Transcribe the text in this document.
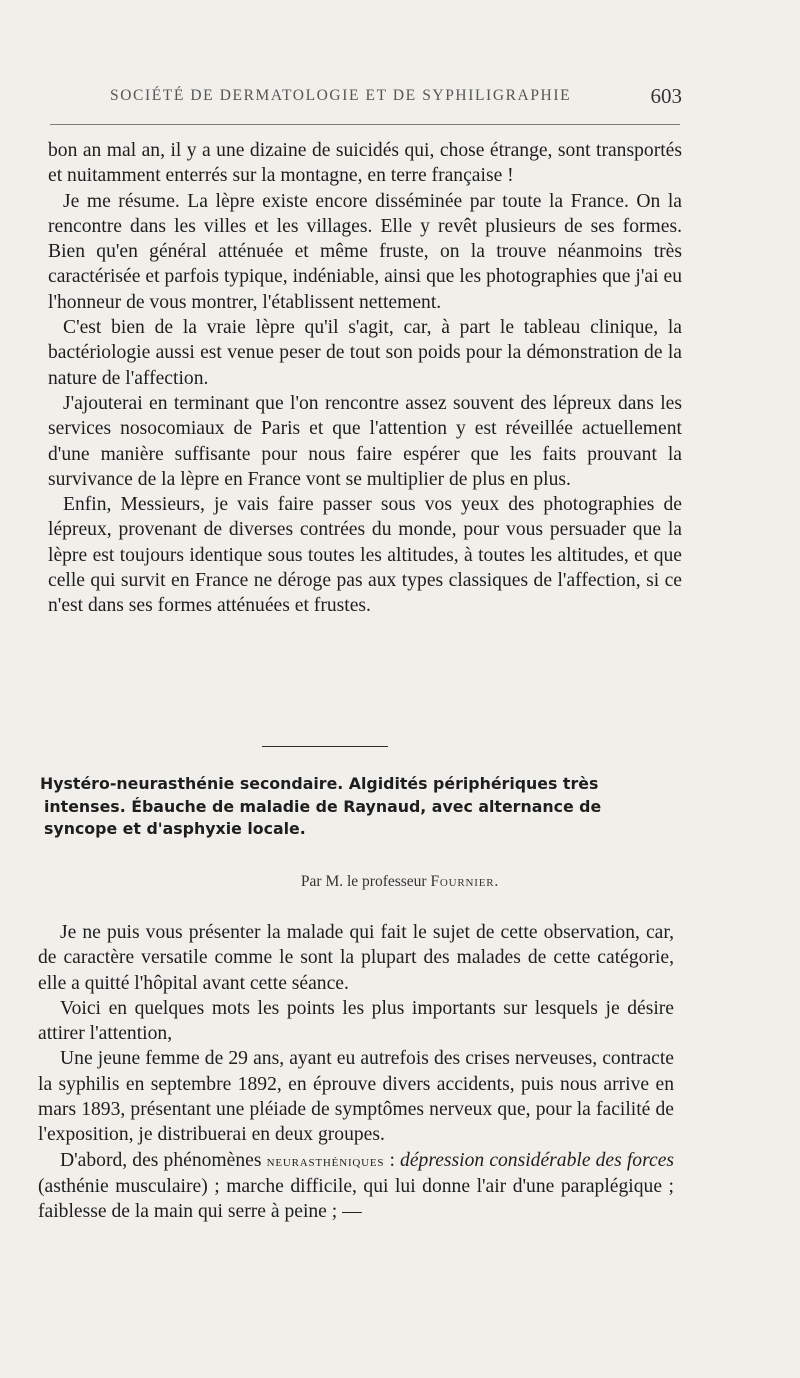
SOCIÉTÉ DE DERMATOLOGIE ET DE SYPHILIGRAPHIE	603

bon an mal an, il y a une dizaine de suicidés qui, chose étrange, sont transportés et nuitamment enterrés sur la montagne, en terre française !

Je me résume. La lèpre existe encore disséminée par toute la France. On la rencontre dans les villes et les villages. Elle y revêt plusieurs de ses formes. Bien qu'en général atténuée et même fruste, on la trouve néanmoins très caractérisée et parfois typique, indéniable, ainsi que les photographies que j'ai eu l'honneur de vous montrer, l'établissent nettement.

C'est bien de la vraie lèpre qu'il s'agit, car, à part le tableau clinique, la bactériologie aussi est venue peser de tout son poids pour la démonstration de la nature de l'affection.

J'ajouterai en terminant que l'on rencontre assez souvent des lépreux dans les services nosocomiaux de Paris et que l'attention y est réveillée actuellement d'une manière suffisante pour nous faire espérer que les faits prouvant la survivance de la lèpre en France vont se multiplier de plus en plus.

Enfin, Messieurs, je vais faire passer sous vos yeux des photographies de lépreux, provenant de diverses contrées du monde, pour vous persuader que la lèpre est toujours identique sous toutes les altitudes, à toutes les altitudes, et que celle qui survit en France ne déroge pas aux types classiques de l'affection, si ce n'est dans ses formes atténuées et frustes.

Hystéro-neurasthénie secondaire. Algidités périphériques très
intenses. Ébauche de maladie de Raynaud, avec alternance de
syncope et d'asphyxie locale.
Par M. le professeur Fournier.

Je ne puis vous présenter la malade qui fait le sujet de cette observation, car, de caractère versatile comme le sont la plupart des malades de cette catégorie, elle a quitté l'hôpital avant cette séance.

Voici en quelques mots les points les plus importants sur lesquels je désire attirer l'attention,

Une jeune femme de 29 ans, ayant eu autrefois des crises nerveuses, contracte la syphilis en septembre 1892, en éprouve divers accidents, puis nous arrive en mars 1893, présentant une pléiade de symptômes nerveux que, pour la facilité de l'exposition, je distribuerai en deux groupes.

D'abord, des phénomènes neurasthéniques : dépression considérable des forces (asthénie musculaire) ; marche difficile, qui lui donne l'air d'une paraplégique ; faiblesse de la main qui serre à peine ; —
